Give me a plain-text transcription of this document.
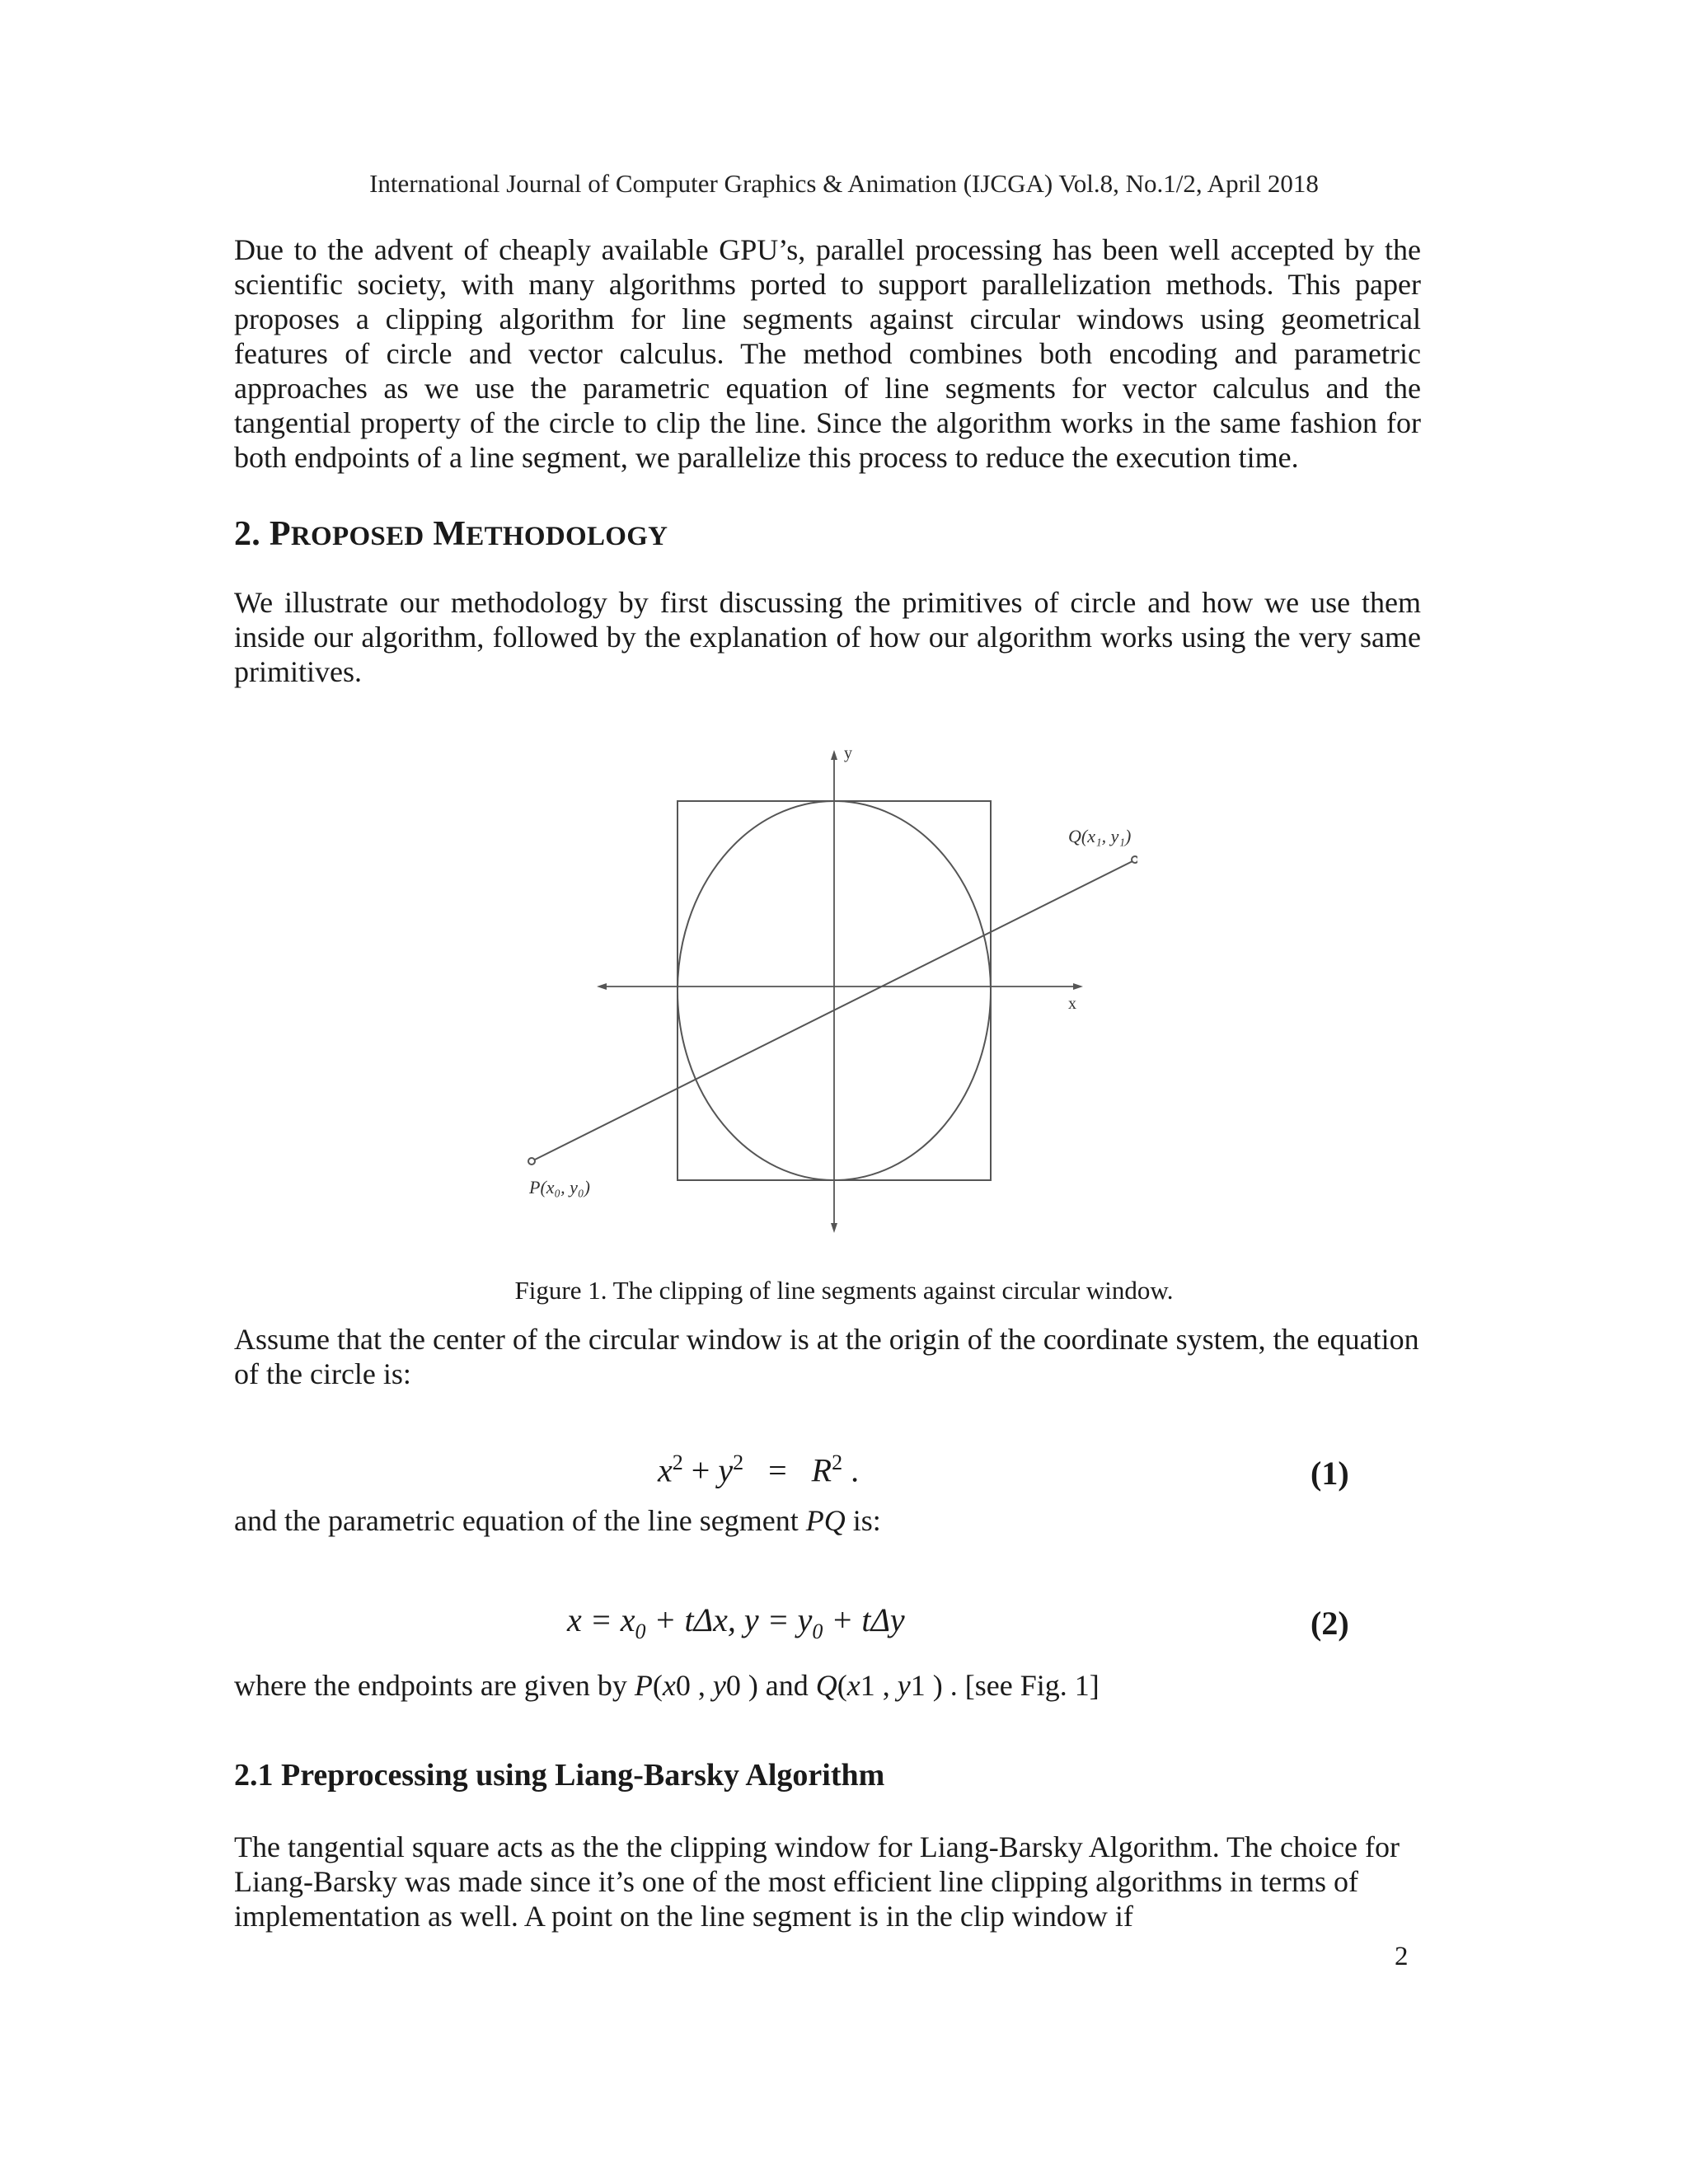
International Journal of Computer Graphics & Animation (IJCGA) Vol.8, No.1/2, April 2018

Due to the advent of cheaply available GPU’s, parallel processing has been well accepted by the scientific society, with many algorithms ported to support parallelization methods. This paper proposes a clipping algorithm for line segments against circular windows using geometrical features of circle and vector calculus. The method combines both encoding and parametric approaches as we use the parametric equation of line segments for vector calculus and the tangential property of the circle to clip the line. Since the algorithm works in the same fashion for both endpoints of a line segment, we parallelize this process to reduce the execution time.

2. PROPOSED METHODOLOGY

We illustrate our methodology by first discussing the primitives of circle and how we use them inside our algorithm, followed by the explanation of how our algorithm works using the very same primitives.

y
x
Q(x₁, y₁)
P(x₀, y₀)
Figure 1. The clipping of line segments against circular window.

Assume that the center of the circular window is at the origin of the coordinate system, the equation of the circle is:

$x^2 + y^2 = R^2$ .	(1)
and the parametric equation of the line segment PQ is:
$x = x_0 + t\Delta x$, $y = y_0 + t\Delta y$	(2)
where the endpoints are given by P(x0 , y0 ) and Q(x1 , y1 ) . [see Fig. 1]
2.1 Preprocessing using Liang-Barsky Algorithm

The tangential square acts as the the clipping window for Liang-Barsky Algorithm. The choice for Liang-Barsky was made since it’s one of the most efficient line clipping algorithms in terms of implementation as well. A point on the line segment is in the clip window if

2
